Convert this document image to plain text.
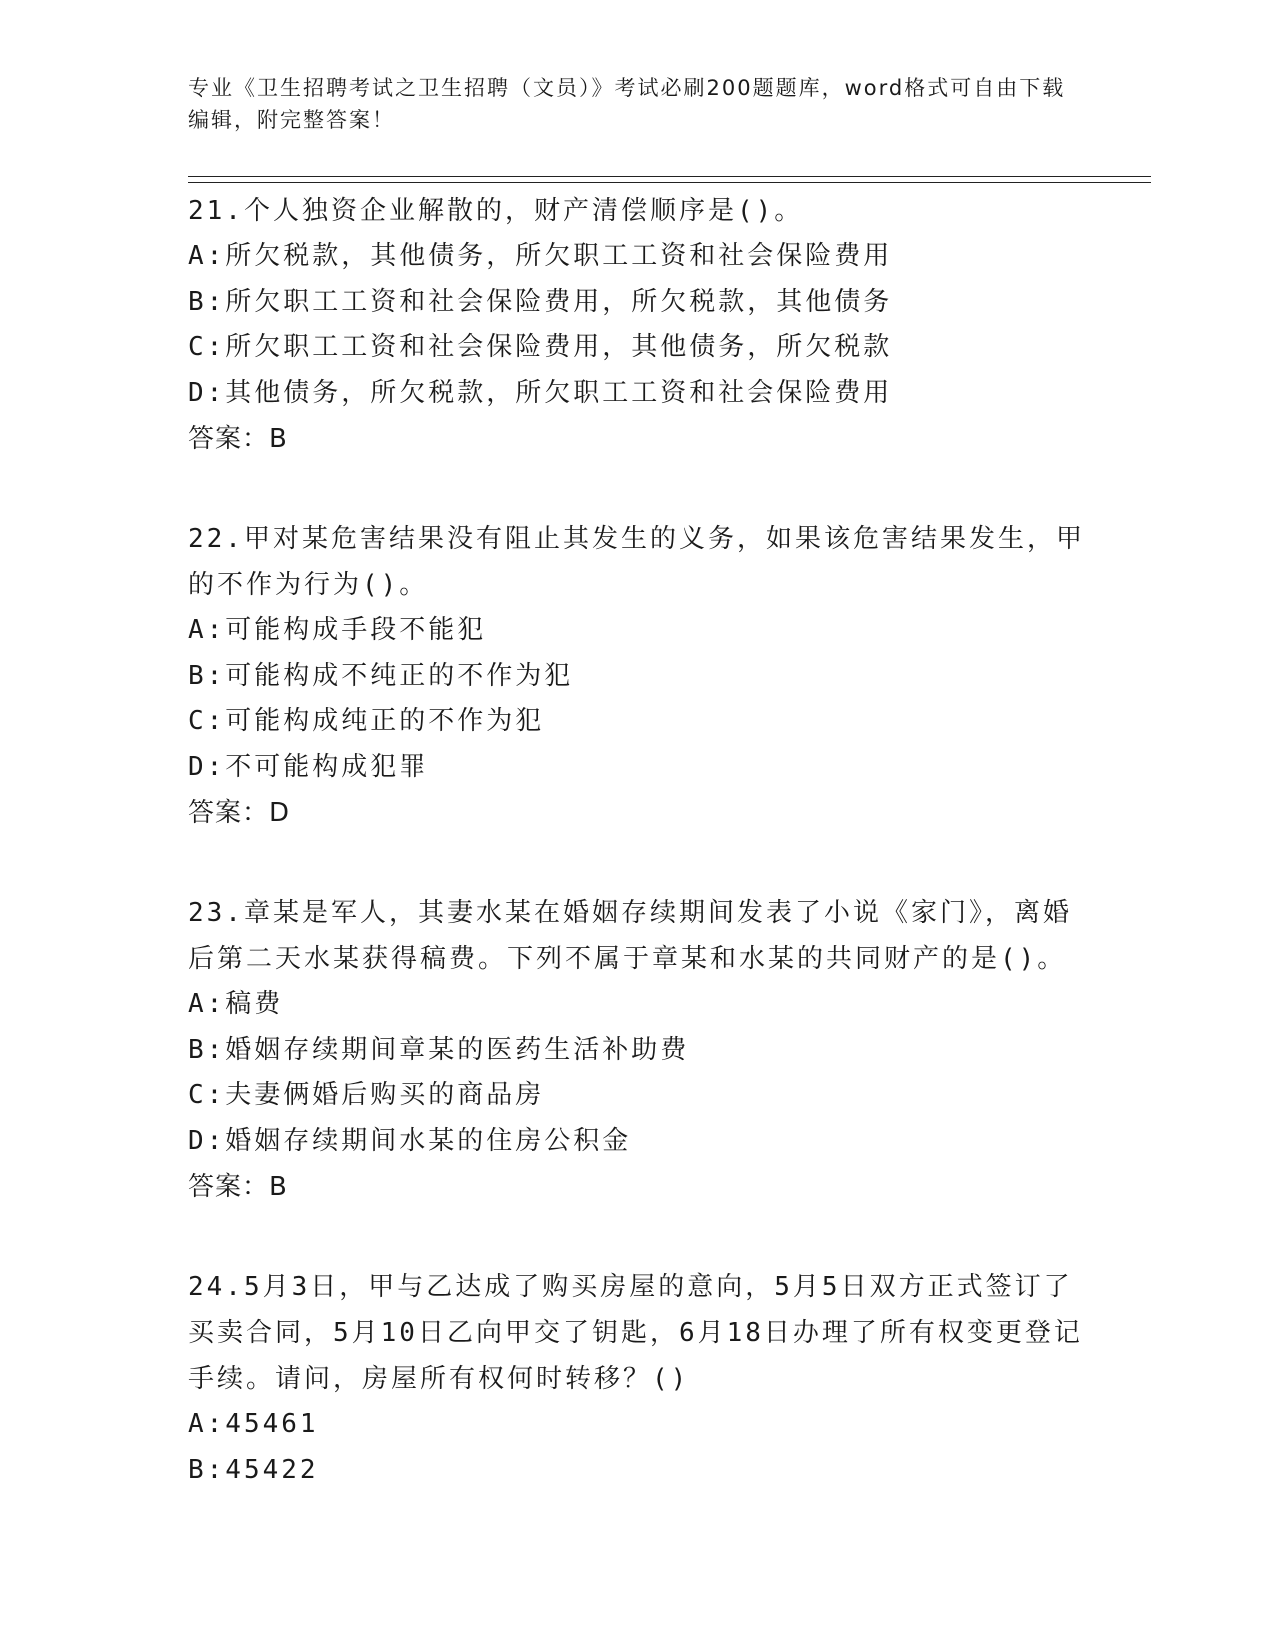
专业《卫生招聘考试之卫生招聘（文员）》考试必刷200题题库，word格式可自由下载编辑，附完整答案！

21.个人独资企业解散的，财产清偿顺序是()。

A:所欠税款，其他债务，所欠职工工资和社会保险费用

B:所欠职工工资和社会保险费用，所欠税款，其他债务

C:所欠职工工资和社会保险费用，其他债务，所欠税款

D:其他债务，所欠税款，所欠职工工资和社会保险费用

答案：B

22.甲对某危害结果没有阻止其发生的义务，如果该危害结果发生，甲的不作为行为()。

A:可能构成手段不能犯

B:可能构成不纯正的不作为犯

C:可能构成纯正的不作为犯

D:不可能构成犯罪

答案：D

23.章某是军人，其妻水某在婚姻存续期间发表了小说《家门》，离婚后第二天水某获得稿费。下列不属于章某和水某的共同财产的是()。

A:稿费

B:婚姻存续期间章某的医药生活补助费

C:夫妻俩婚后购买的商品房

D:婚姻存续期间水某的住房公积金

答案：B

24.5月3日，甲与乙达成了购买房屋的意向，5月5日双方正式签订了买卖合同，5月10日乙向甲交了钥匙，6月18日办理了所有权变更登记手续。请问，房屋所有权何时转移？()

A:45461

B:45422
